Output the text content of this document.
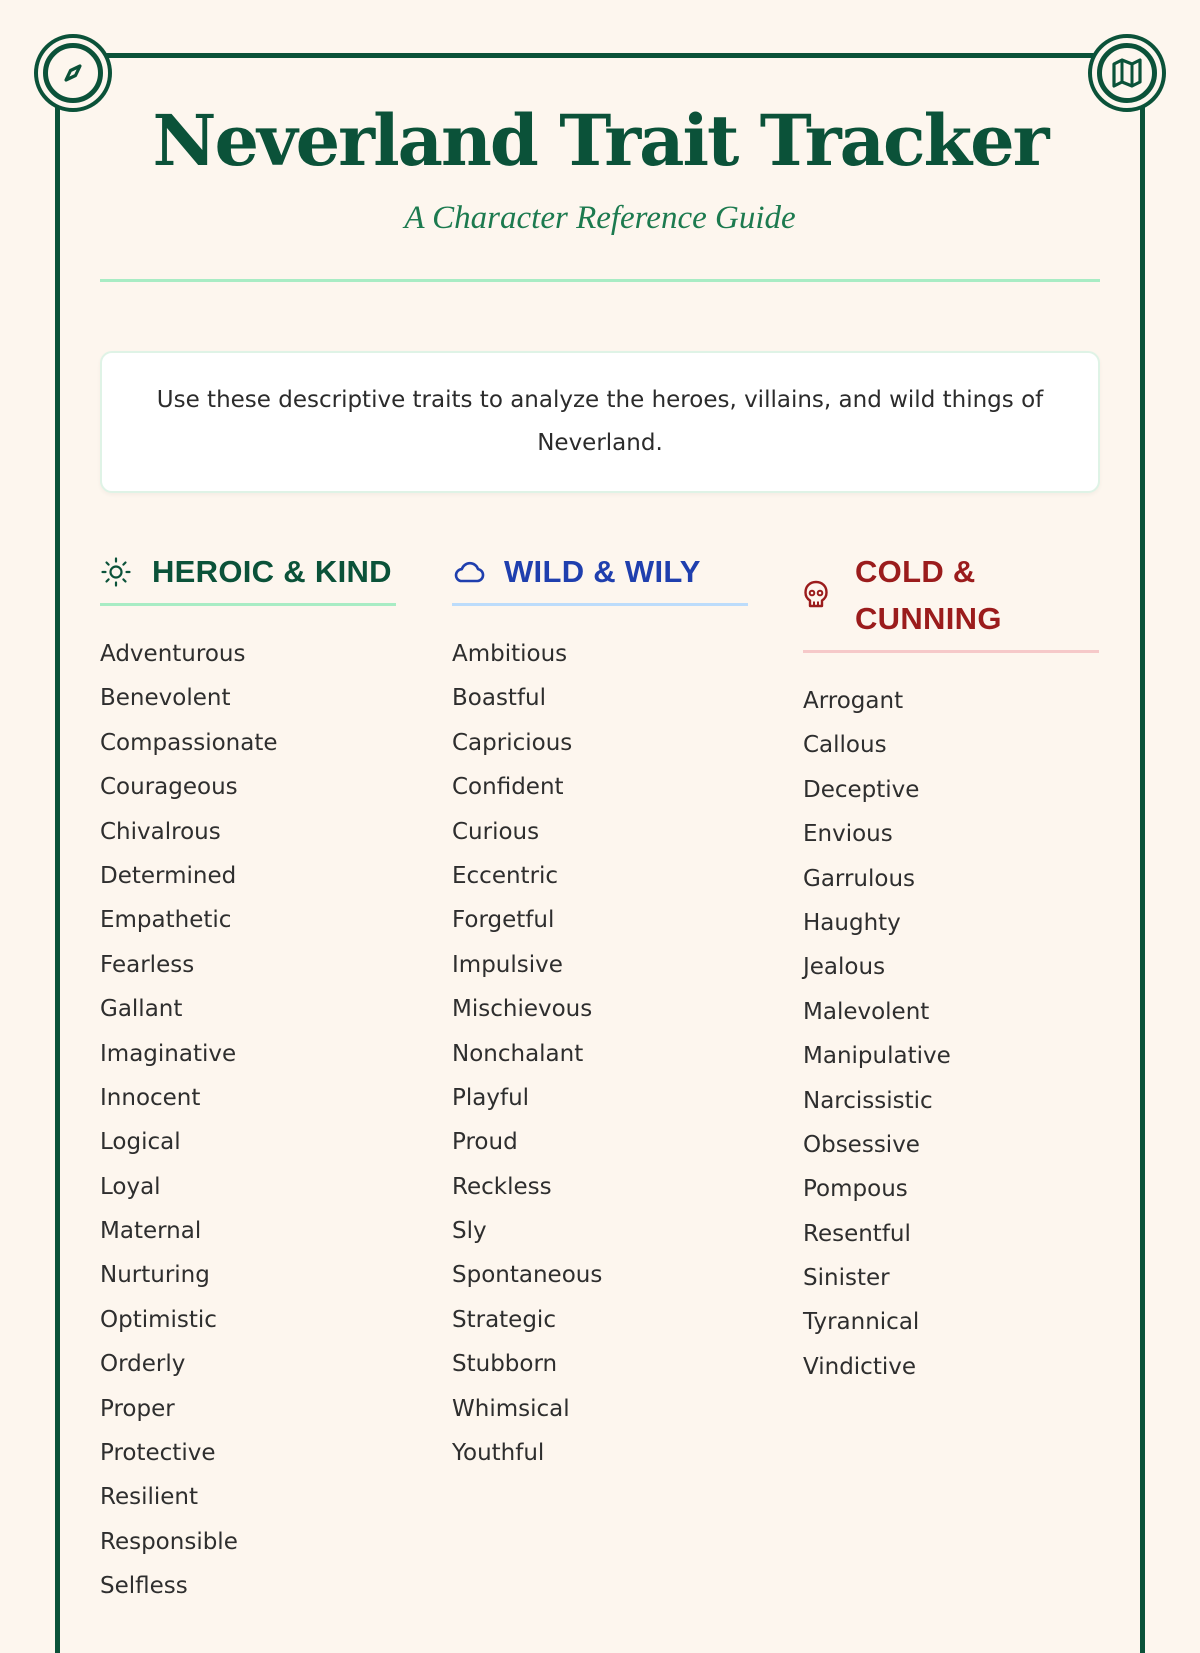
Neverland Trait Tracker
A Character Reference Guide

Use these descriptive traits to analyze the heroes, villains, and wild things of Neverland.

HEROIC & KIND
Adventurous
Benevolent
Compassionate
Courageous
Chivalrous
Determined
Empathetic
Fearless
Gallant
Imaginative
Innocent
Logical
Loyal
Maternal
Nurturing
Optimistic
Orderly
Proper
Protective
Resilient
Responsible
Selfless
WILD & WILY
Ambitious
Boastful
Capricious
Confident
Curious
Eccentric
Forgetful
Impulsive
Mischievous
Nonchalant
Playful
Proud
Reckless
Sly
Spontaneous
Strategic
Stubborn
Whimsical
Youthful
COLD & CUNNING
Arrogant
Callous
Deceptive
Envious
Garrulous
Haughty
Jealous
Malevolent
Manipulative
Narcissistic
Obsessive
Pompous
Resentful
Sinister
Tyrannical
Vindictive
